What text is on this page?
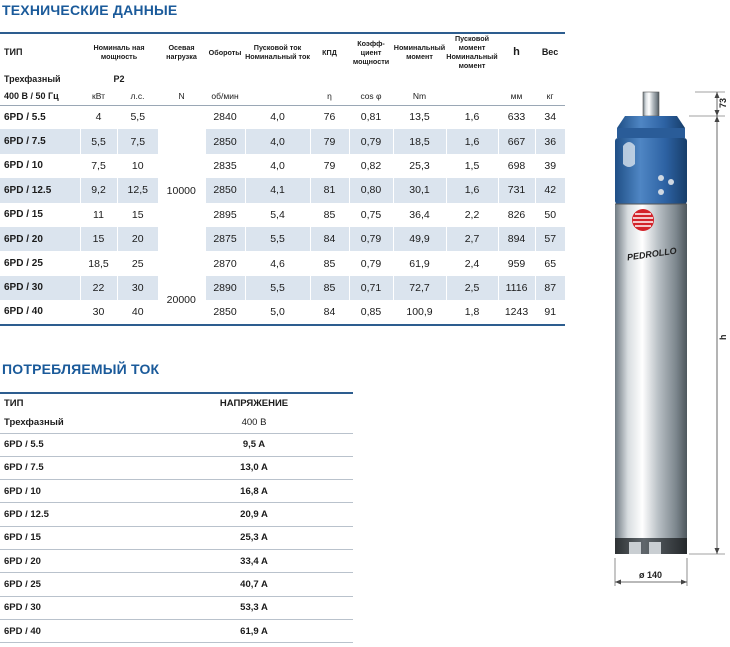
ТЕХНИЧЕСКИЕ ДАННЫЕ
ТИП	Номиналь ная мощность		Осевая нагрузка	Обороты	Пусковой ток Номинальный ток	КПД	Коэфф- циент мощности	Номинальный момент	Пусковой момент Номинальный момент	h	Вес
Трехфазный	P2										
400 В / 50 Гц	кВт	л.с.	N	об/мин		η	cos φ	Nm		мм	кг
6PD / 5.5	4	5,5	10000	2840	4,0	76	0,81	13,5	1,6	633	34
6PD / 7.5	5,5	7,5		2850	4,0	79	0,79	18,5	1,6	667	36
6PD / 10	7,5	10		2835	4,0	79	0,82	25,3	1,5	698	39
6PD / 12.5	9,2	12,5		2850	4,1	81	0,80	30,1	1,6	731	42
6PD / 15	11	15		2895	5,4	85	0,75	36,4	2,2	826	50
6PD / 20	15	20		2875	5,5	84	0,79	49,9	2,7	894	57
6PD / 25	18,5	25		2870	4,6	85	0,79	61,9	2,4	959	65
6PD / 30	22	30	20000	2890	5,5	85	0,71	72,7	2,5	1116	87
6PD / 40	30	40		2850	5,0	84	0,85	100,9	1,8	1243	91
ПОТРЕБЛЯЕМЫЙ ТОК
ТИП	НАПРЯЖЕНИЕ
Трехфазный	400 В
6PD / 5.5	9,5 A
6PD / 7.5	13,0 A
6PD / 10	16,8 A
6PD / 12.5	20,9 A
6PD / 15	25,3 A
6PD / 20	33,4 A
6PD / 25	40,7 A
6PD / 30	53,3 A
6PD / 40	61,9 A
PEDROLLO
73
h
ø 140
